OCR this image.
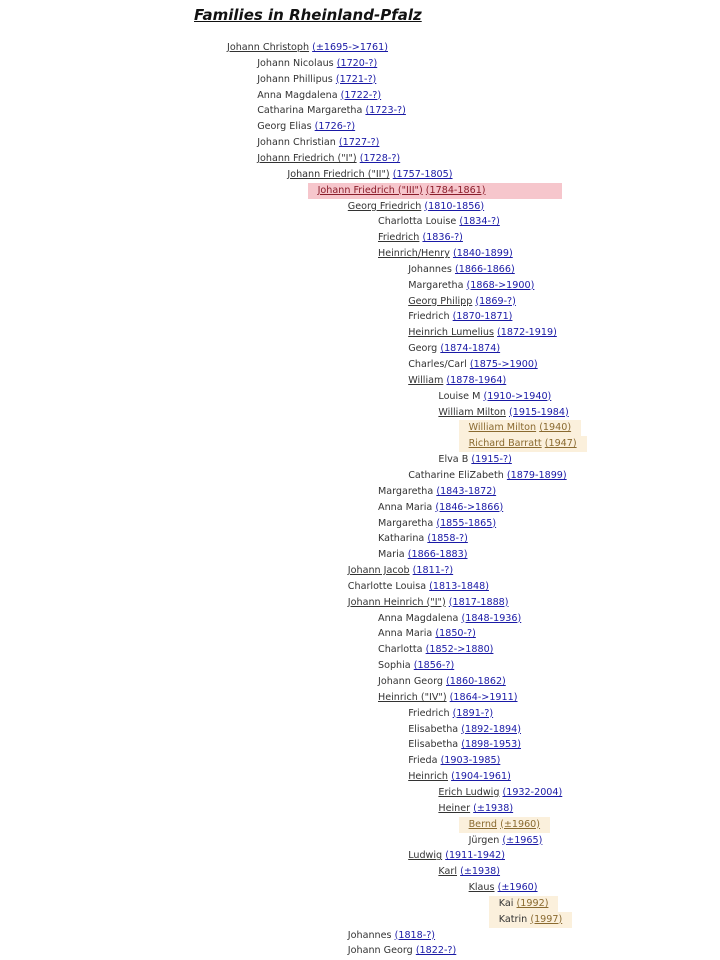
Families in Rheinland-Pfalz
Johann Christoph (±1695->1761)
Johann Nicolaus (1720-?)
Johann Phillipus (1721-?)
Anna Magdalena (1722-?)
Catharina Margaretha (1723-?)
Georg Elias (1726-?)
Johann Christian (1727-?)
Johann Friedrich ("I") (1728-?)
Johann Friedrich ("II") (1757-1805)
Johann Friedrich ("III") (1784-1861)
Georg Friedrich (1810-1856)
Charlotta Louise (1834-?)
Friedrich (1836-?)
Heinrich/Henry (1840-1899)
Johannes (1866-1866)
Margaretha (1868->1900)
Georg Philipp (1869-?)
Friedrich (1870-1871)
Heinrich Lumelius (1872-1919)
Georg (1874-1874)
Charles/Carl (1875->1900)
William (1878-1964)
Louise M (1910->1940)
William Milton (1915-1984)
William Milton (1940)
Richard Barratt (1947)
Elva B (1915-?)
Catharine EliZabeth (1879-1899)
Margaretha (1843-1872)
Anna Maria (1846->1866)
Margaretha (1855-1865)
Katharina (1858-?)
Maria (1866-1883)
Johann Jacob (1811-?)
Charlotte Louisa (1813-1848)
Johann Heinrich ("I") (1817-1888)
Anna Magdalena (1848-1936)
Anna Maria (1850-?)
Charlotta (1852->1880)
Sophia (1856-?)
Johann Georg (1860-1862)
Heinrich ("IV") (1864->1911)
Friedrich (1891-?)
Elisabetha (1892-1894)
Elisabetha (1898-1953)
Frieda (1903-1985)
Heinrich (1904-1961)
Erich Ludwig (1932-2004)
Heiner (±1938)
Bernd (±1960)
Jürgen (±1965)
Ludwig (1911-1942)
Karl (±1938)
Klaus (±1960)
Kai (1992)
Katrin (1997)
Johannes (1818-?)
Johann Georg (1822-?)
